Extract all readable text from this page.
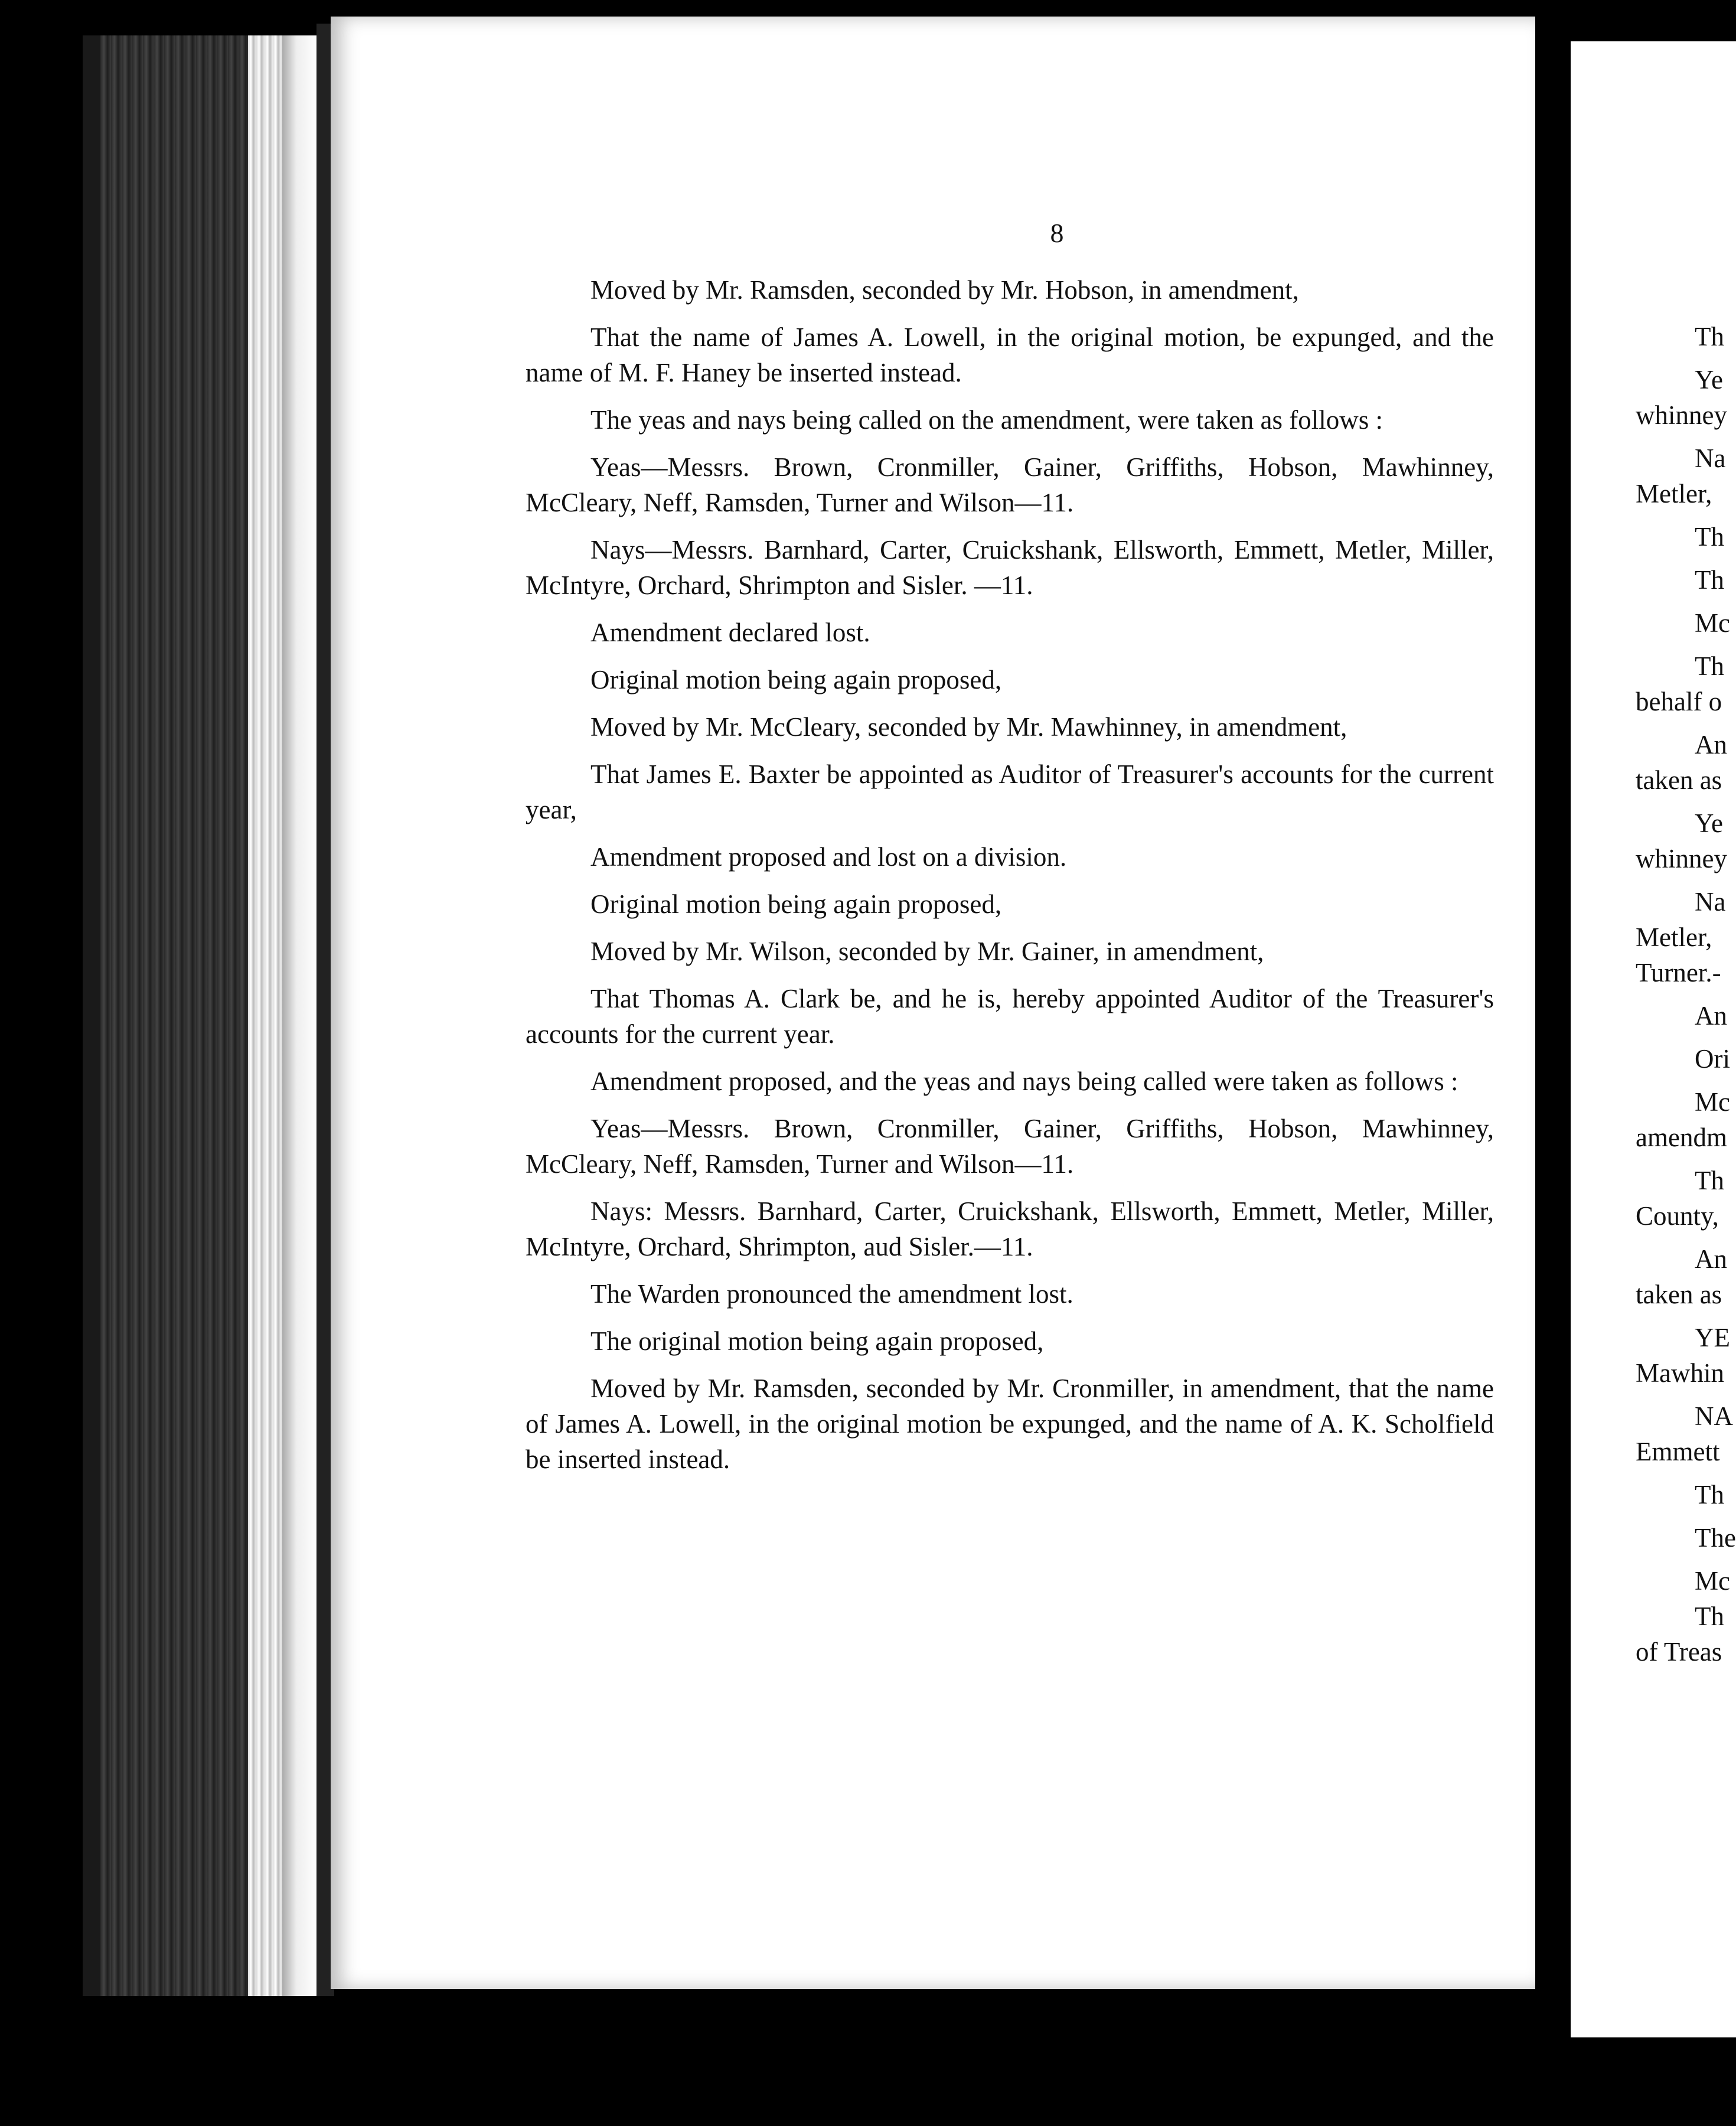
8

Moved by Mr. Ramsden, seconded by Mr. Hobson, in amendment,

That the name of James A. Lowell, in the original motion, be expunged, and the name of M. F. Haney be inserted instead.

The yeas and nays being called on the amendment, were taken as follows :

Yeas—Messrs. Brown, Cronmiller, Gainer, Griffiths, Hobson, Mawhinney, McCleary, Neff, Ramsden, Turner and Wilson—11.

Nays—Messrs. Barnhard, Carter, Cruickshank, Ellsworth, Emmett, Metler, Miller, McIntyre, Orchard, Shrimpton and Sisler. —11.

Amendment declared lost.

Original motion being again proposed,

Moved by Mr. McCleary, seconded by Mr. Mawhinney, in amendment,

That James E. Baxter be appointed as Auditor of Treasurer's accounts for the current year,

Amendment proposed and lost on a division.

Original motion being again proposed,

Moved by Mr. Wilson, seconded by Mr. Gainer, in amendment,

That Thomas A. Clark be, and he is, hereby appointed Auditor of the Treasurer's accounts for the current year.

Amendment proposed, and the yeas and nays being called were taken as follows :

Yeas—Messrs. Brown, Cronmiller, Gainer, Griffiths, Hobson, Mawhinney, McCleary, Neff, Ramsden, Turner and Wilson—11.

Nays: Messrs. Barnhard, Carter, Cruickshank, Ellsworth, Emmett, Metler, Miller, McIntyre, Orchard, Shrimpton, aud Sisler.—11.

The Warden pronounced the amendment lost.

The original motion being again proposed,

Moved by Mr. Ramsden, seconded by Mr. Cronmiller, in amendment, that the name of James A. Lowell, in the original motion be expunged, and the name of A. K. Scholfield be inserted instead.

Th

Ye

whinney

Na

Metler,

Th

Th

Mc

Th

behalf o

An

taken as

Ye

whinney

Na

Metler,

Turner.-

An

Ori

Mc

amendm

Th

County,

An

taken as

YE

Mawhin

NA

Emmett

Th

The

Mc

Th

of Treas
